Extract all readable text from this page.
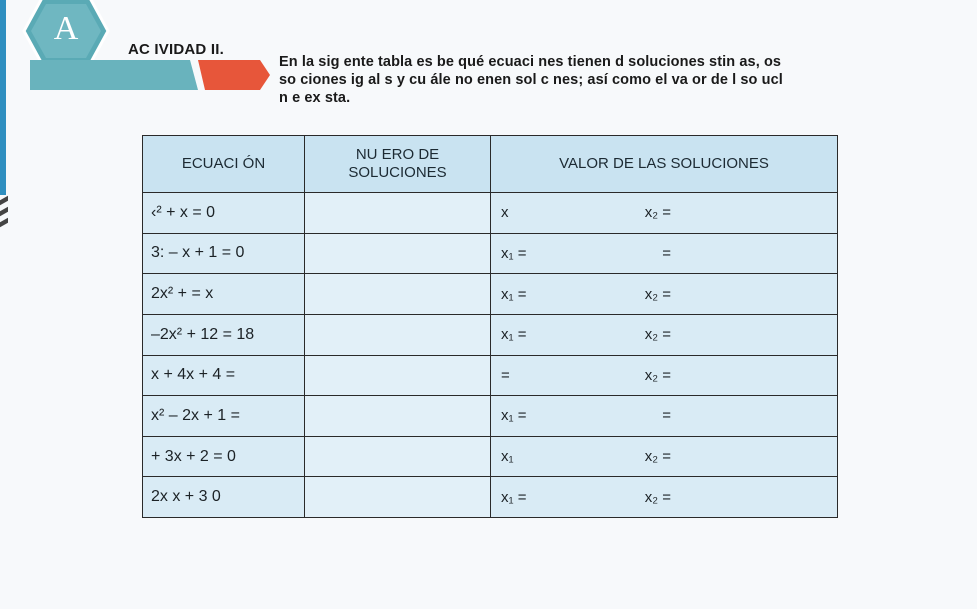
A
AC IVIDAD II.
En la sig ente tabla es be qué ecuaci nes tienen d soluciones stin as, os
so ciones ig al s y cu ále no enen sol c nes; así como el va or de l so ucl
n e ex sta.
ECUACI ÓN	NU ERO DE SOLUCIONES	VALOR DE LAS SOLUCIONES
‹² + x = 0		x x₂ =

3: – x + 1 = 0		x₁ = =

2x² + = x		x₁ = x₂ =

–2x² + 12 = 18		x₁ = x₂ =

x + 4x + 4 =		= x₂ =

x² – 2x + 1 =		x₁ = =

+ 3x + 2 = 0		x₁ x₂ =

2x x + 3 0		x₁ = x₂ =
